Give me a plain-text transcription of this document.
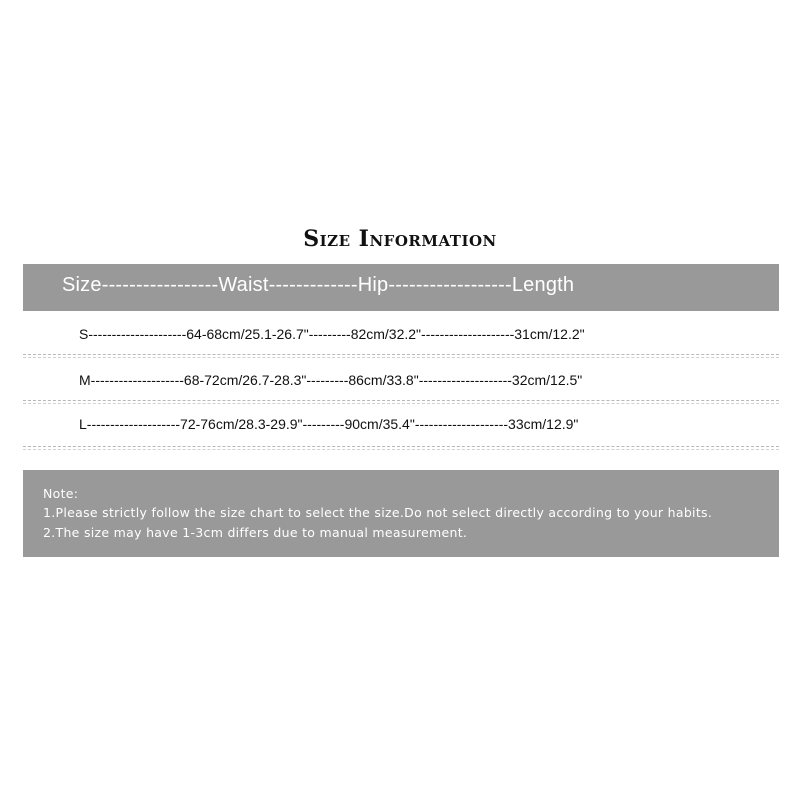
Size Information
Size-----------------Waist-------------Hip------------------Length
S---------------------64-68cm/25.1-26.7"---------82cm/32.2"--------------------31cm/12.2"
M--------------------68-72cm/26.7-28.3"---------86cm/33.8"--------------------32cm/12.5"
L--------------------72-76cm/28.3-29.9"---------90cm/35.4"--------------------33cm/12.9"
Note:
1.Please strictly follow the size chart to select the size.Do not select directly according to your habits.
2.The size may have 1-3cm differs due to manual measurement.
